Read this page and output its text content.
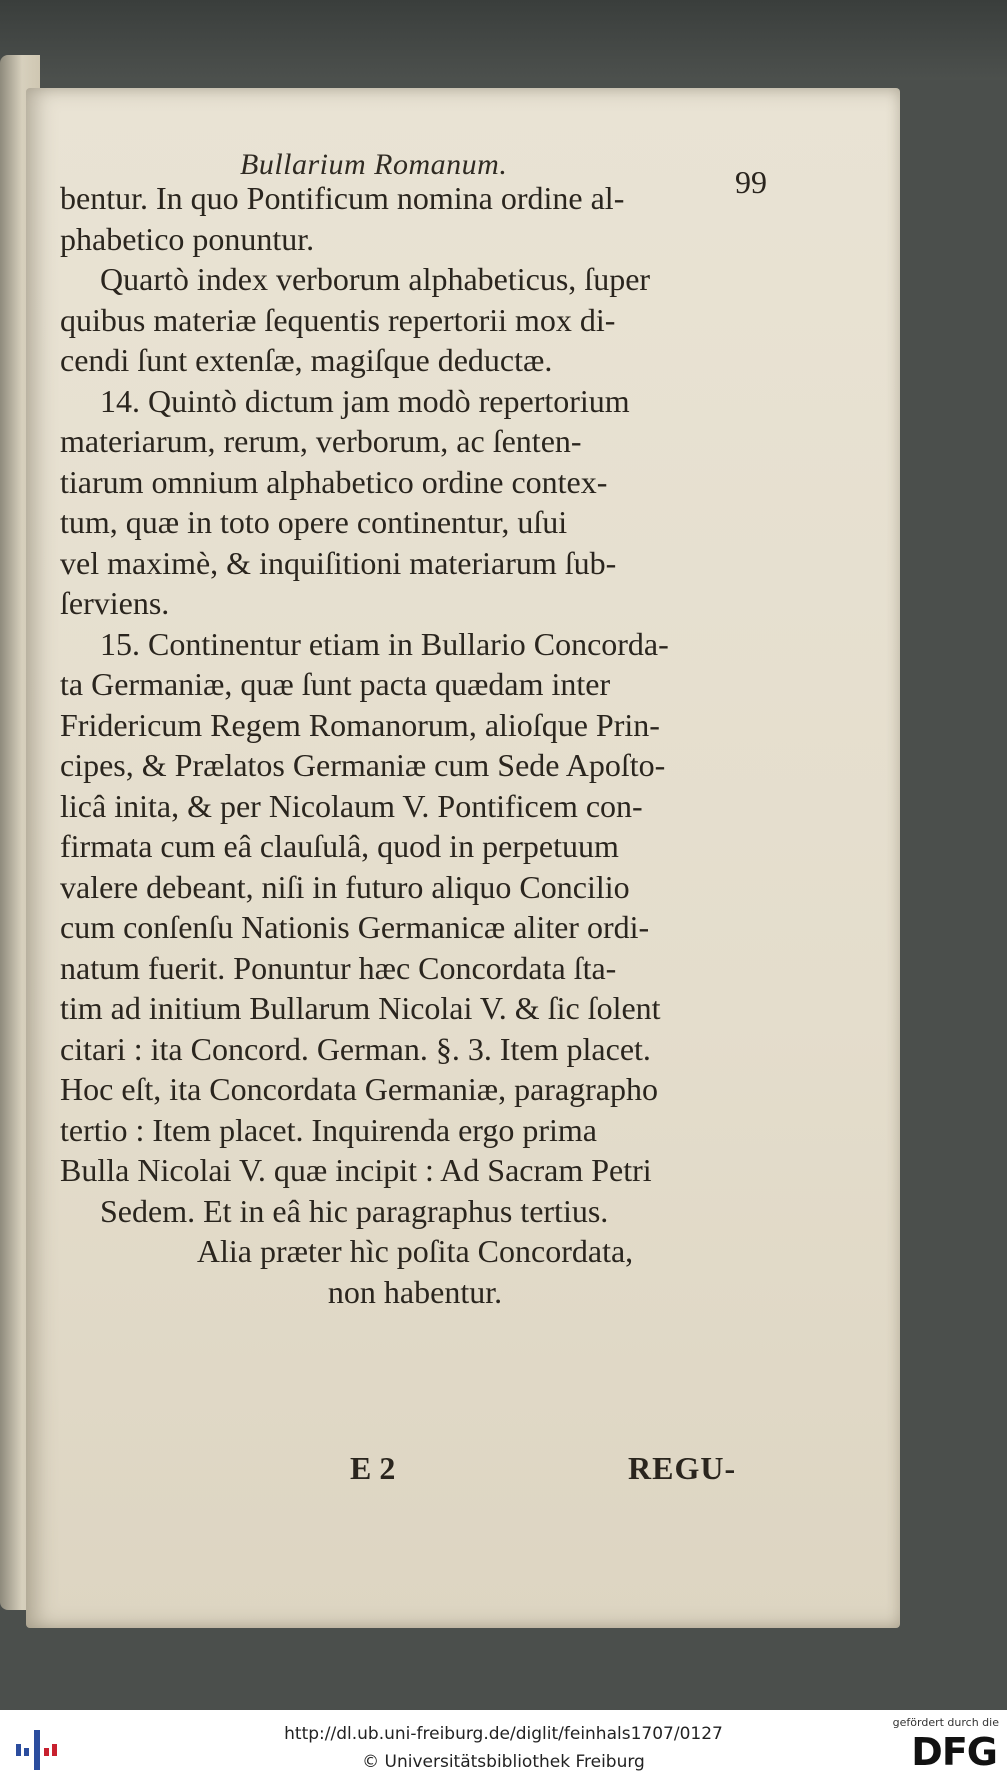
Bullarium Romanum.	99
bentur. In quo Pontificum nomina ordine al-
phabetico ponuntur.
Quartò index verborum alphabeticus, ſuper
quibus materiæ ſequentis repertorii mox di-
cendi ſunt extenſæ, magiſque deductæ.
14. Quintò dictum jam modò repertorium
materiarum, rerum, verborum, ac ſenten-
tiarum omnium alphabetico ordine contex-
tum, quæ in toto opere continentur, uſui
vel maximè, & inquiſitioni materiarum ſub-
ſerviens.
15. Continentur etiam in Bullario Concorda-
ta Germaniæ, quæ ſunt pacta quædam inter
Fridericum Regem Romanorum, alioſque Prin-
cipes, & Prælatos Germaniæ cum Sede Apoſto-
licâ inita, & per Nicolaum V. Pontificem con-
firmata cum eâ clauſulâ, quod in perpetuum
valere debeant, niſi in futuro aliquo Concilio
cum conſenſu Nationis Germanicæ aliter ordi-
natum fuerit. Ponuntur hæc Concordata ſta-
tim ad initium Bullarum Nicolai V. & ſic ſolent
citari : ita Concord. German. §. 3. Item placet.
Hoc eſt, ita Concordata Germaniæ, paragrapho
tertio : Item placet. Inquirenda ergo prima
Bulla Nicolai V. quæ incipit : Ad Sacram Petri
Sedem. Et in eâ hic paragraphus tertius.
Alia præter hìc poſita Concordata,
non habentur.
E 2	REGU-
http://dl.ub.uni-freiburg.de/diglit/feinhals1707/0127
© Universitätsbibliothek Freiburg
gefördert durch die
DFG
